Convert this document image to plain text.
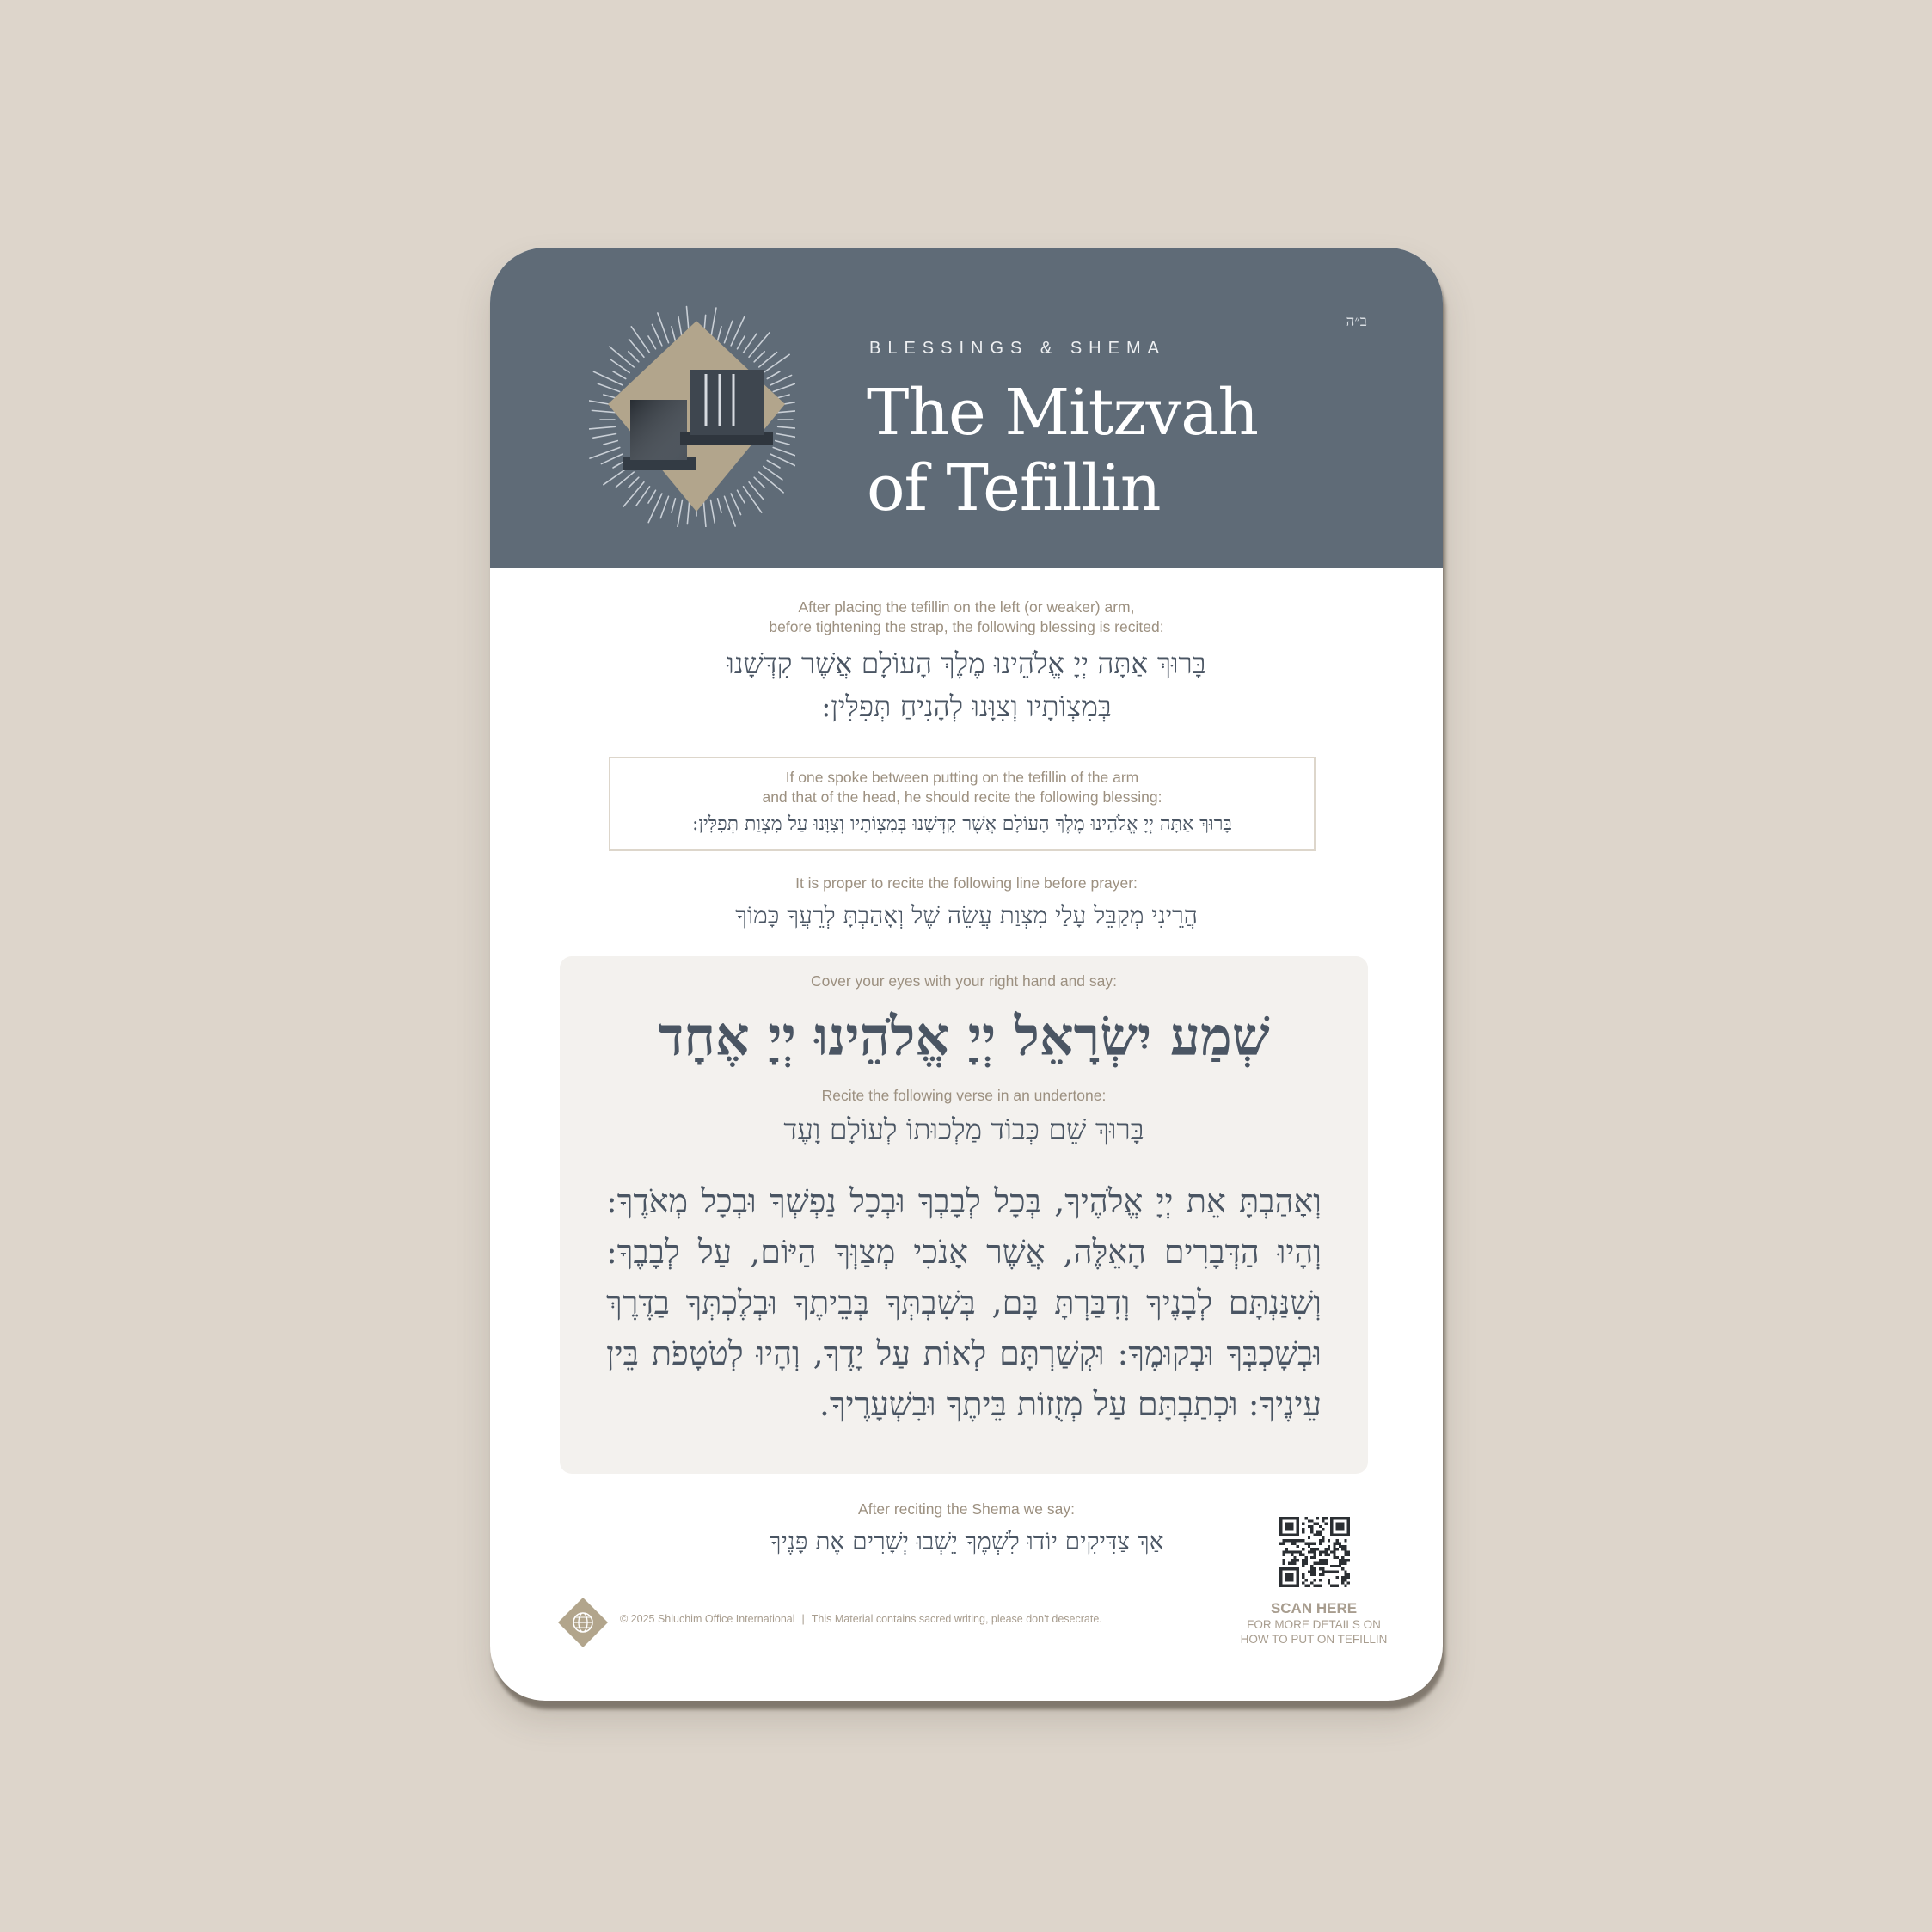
ב״ה
BLESSINGS & SHEMA
The Mitzvah
of Tefillin
After placing the tefillin on the left (or weaker) arm,
before tightening the strap, the following blessing is recited:
בָּרוּךְ אַתָּה יְיָ אֱלֹהֵינוּ מֶלֶךְ הָעוֹלָם אֲשֶׁר קִדְּשָׁנוּ
בְּמִצְוֹתָיו וְצִוָּנוּ לְהָנִיחַ תְּפִלִּין:
If one spoke between putting on the tefillin of the arm
and that of the head, he should recite the following blessing:
בָּרוּךְ אַתָּה יְיָ אֱלֹהֵינוּ מֶלֶךְ הָעוֹלָם אֲשֶׁר קִדְּשָׁנוּ בְּמִצְוֹתָיו וְצִוָּנוּ עַל מִצְוַת תְּפִלִּין:
It is proper to recite the following line before prayer:
הֲרֵינִי מְקַבֵּל עָלַי מִצְוַת עֲשֵׂה שֶׁל וְאָהַבְתָּ לְרֵעֲךָ כָּמוֹךָ
Cover your eyes with your right hand and say:
שְׁמַע יִשְׂרָאֵל יְיָ אֱלֹהֵינוּ יְיָ אֶחָד
Recite the following verse in an undertone:
בָּרוּךְ שֵׁם כְּבוֹד מַלְכוּתוֹ לְעוֹלָם וָעֶד
וְאָהַבְתָּ אֵת יְיָ אֱלֹהֶיךָ, בְּכָל לְבָבְךָ וּבְכָל נַפְשְׁךָ וּבְכָל מְאֹדֶךָ: וְהָיוּ הַדְּבָרִים הָאֵלֶּה, אֲשֶׁר אָנֹכִי מְצַוְּךָ הַיּוֹם, עַל לְבָבֶךָ: וְשִׁנַּנְתָּם לְבָנֶיךָ וְדִבַּרְתָּ בָּם, בְּשִׁבְתְּךָ בְּבֵיתֶךָ וּבְלֶכְתְּךָ בַדֶּרֶךְ וּבְשָׁכְבְּךָ וּבְקוּמֶךָ: וּקְשַׁרְתָּם לְאוֹת עַל יָדֶךָ, וְהָיוּ לְטֹטָפֹת בֵּין עֵינֶיךָ: וּכְתַבְתָּם עַל מְזֻזוֹת בֵּיתֶךָ וּבִשְׁעָרֶיךָ.
After reciting the Shema we say:
אַךְ צַדִּיקִים יוֹדוּ לִשְׁמֶךָ יֵשְׁבוּ יְשָׁרִים אֶת פָּנֶיךָ
© 2025 Shluchim Office International | This Material contains sacred writing, please don't desecrate.
SCAN HERE
FOR MORE DETAILS ON
HOW TO PUT ON TEFILLIN
